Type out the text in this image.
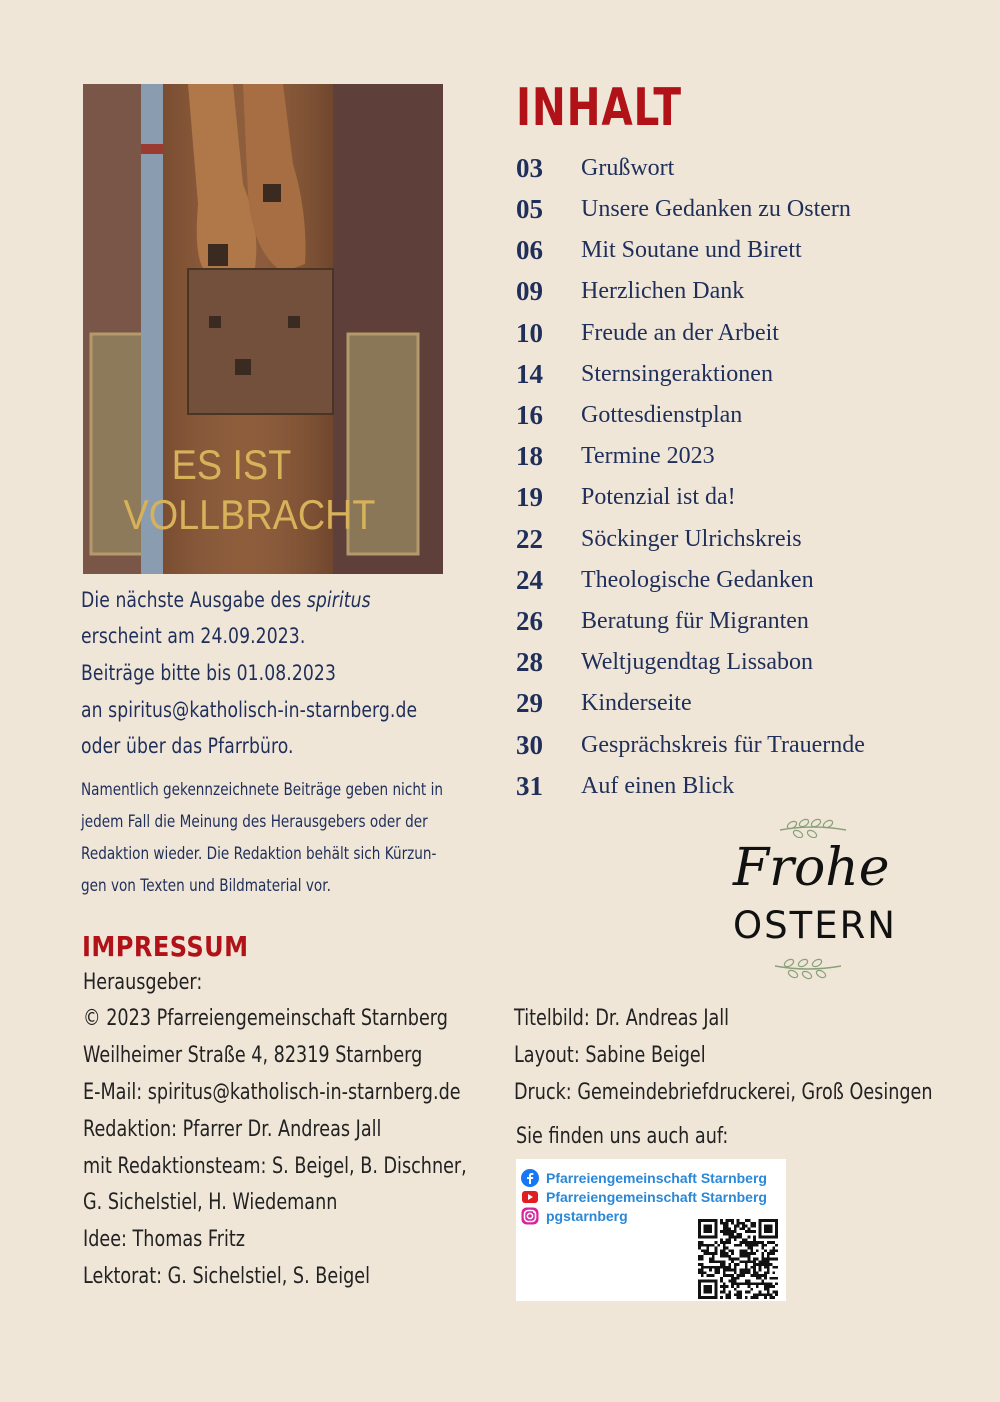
ES IST
VOLLBRACHT
Die nächste Ausgabe des spiritus
erscheint am 24.09.2023.
Beiträge bitte bis 01.08.2023
an spiritus@katholisch-in-starnberg.de
oder über das Pfarrbüro.
Namentlich gekennzeichnete Beiträge geben nicht in
jedem Fall die Meinung des Herausgebers oder der
Redaktion wieder. Die Redaktion behält sich Kürzun-
gen von Texten und Bildmaterial vor.
IMPRESSUM
Herausgeber:
© 2023 Pfarreiengemeinschaft Starnberg
Weilheimer Straße 4, 82319 Starnberg
E-Mail: spiritus@katholisch-in-starnberg.de
Redaktion: Pfarrer Dr. Andreas Jall
mit Redaktionsteam: S. Beigel, B. Dischner,
G. Sichelstiel, H. Wiedemann
Idee: Thomas Fritz
Lektorat: G. Sichelstiel, S. Beigel
INHALT
03 Grußwort
05 Unsere Gedanken zu Ostern
06 Mit Soutane und Birett
09 Herzlichen Dank
10 Freude an der Arbeit
14 Sternsingeraktionen
16 Gottesdienstplan
18 Termine 2023
19 Potenzial ist da!
22 Söckinger Ulrichskreis
24 Theologische Gedanken
26 Beratung für Migranten
28 Weltjugendtag Lissabon
29 Kinderseite
30 Gesprächskreis für Trauernde
31 Auf einen Blick
Frohe
OSTERN
Titelbild: Dr. Andreas Jall
Layout: Sabine Beigel
Druck: Gemeindebriefdruckerei, Groß Oesingen
Sie finden uns auch auf:
Pfarreiengemeinschaft Starnberg
Pfarreiengemeinschaft Starnberg
pgstarnberg
